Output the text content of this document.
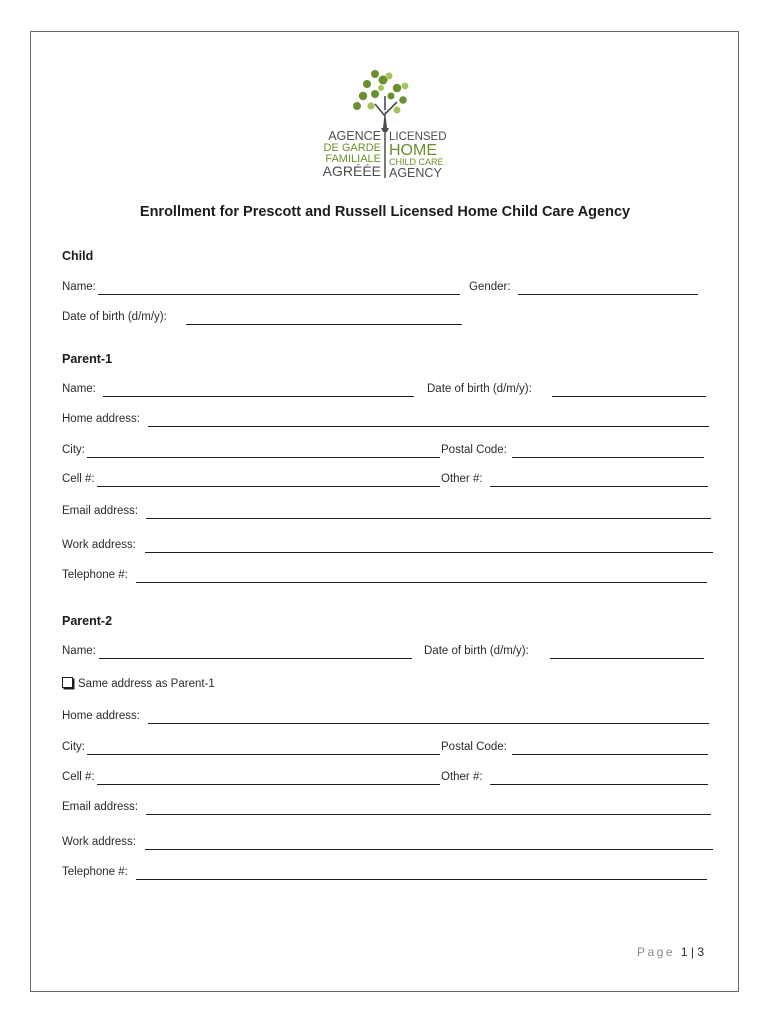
AGENCE
DE GARDE
FAMILIALE
AGRÉÉE
LICENSED
HOME
CHILD CARE
AGENCY
Enrollment for Prescott and Russell Licensed Home Child Care Agency
Child
Name:	Gender:
Date of birth (d/m/y):
Parent-1
Name:	Date of birth (d/m/y):
Home address:
City:	Postal Code:
Cell #:	Other #:
Email address:
Work address:
Telephone #:
Parent-2
Name:	Date of birth (d/m/y):
Same address as Parent-1
Home address:
City:	Postal Code:
Cell #:	Other #:
Email address:
Work address:
Telephone #:
Page 1 | 3
